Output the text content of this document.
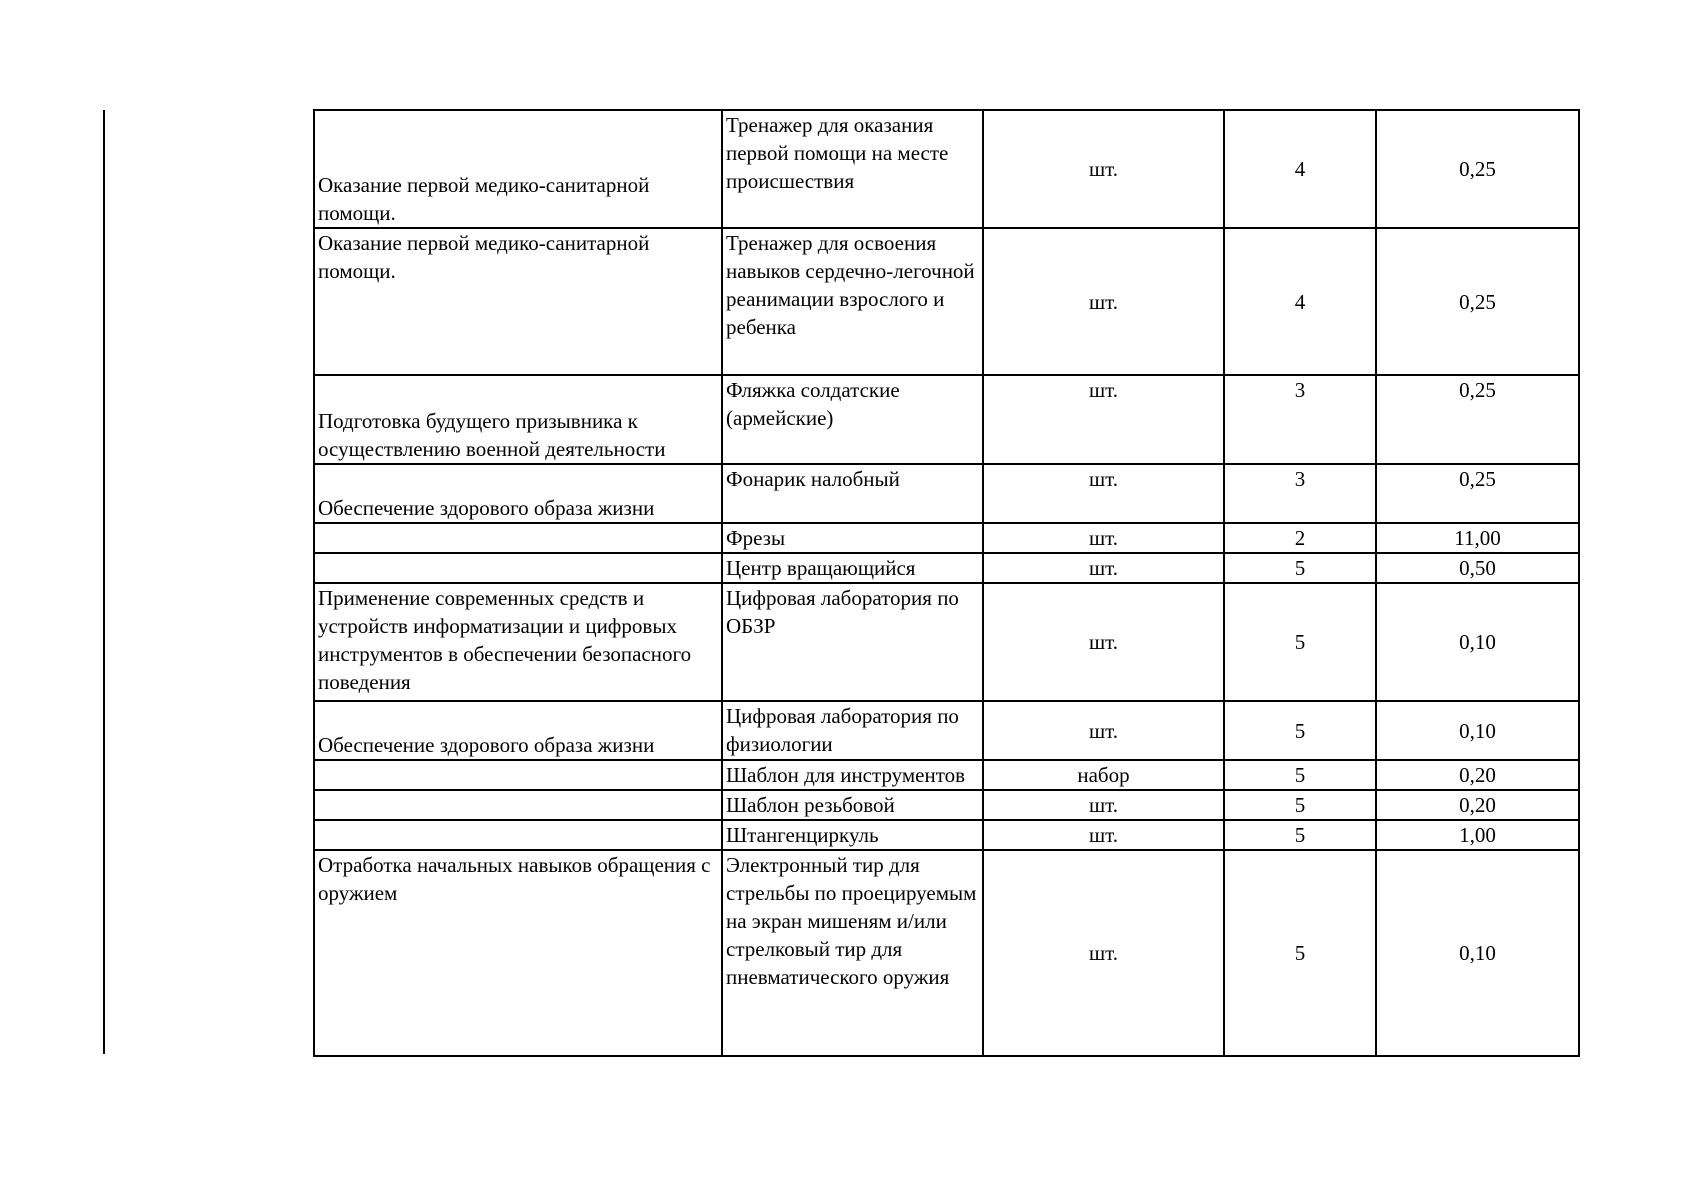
Оказание первой медико-санитарной помощи.	Тренажер для оказания первой помощи на месте происшествия	шт.	4	0,25
Оказание первой медико-санитарной помощи.	Тренажер для освоения навыков сердечно-легочной реанимации взрослого и ребенка	шт.	4	0,25
Подготовка будущего призывника к осуществлению военной деятельности	Фляжка солдатские (армейские)	шт.	3	0,25
Обеспечение здорового образа жизни	Фонарик налобный	шт.	3	0,25
	Фрезы	шт.	2	11,00
	Центр вращающийся	шт.	5	0,50
Применение современных средств и устройств информатизации и цифровых инструментов в обеспечении безопасного поведения	Цифровая лаборатория по ОБЗР	шт.	5	0,10
Обеспечение здорового образа жизни	Цифровая лаборатория по физиологии	шт.	5	0,10
	Шаблон для инструментов	набор	5	0,20
	Шаблон резьбовой	шт.	5	0,20
	Штангенциркуль	шт.	5	1,00
Отработка начальных навыков обращения с оружием	Электронный тир для стрельбы по проецируемым на экран мишеням и/или стрелковый тир для пневматического оружия	шт.	5	0,10
